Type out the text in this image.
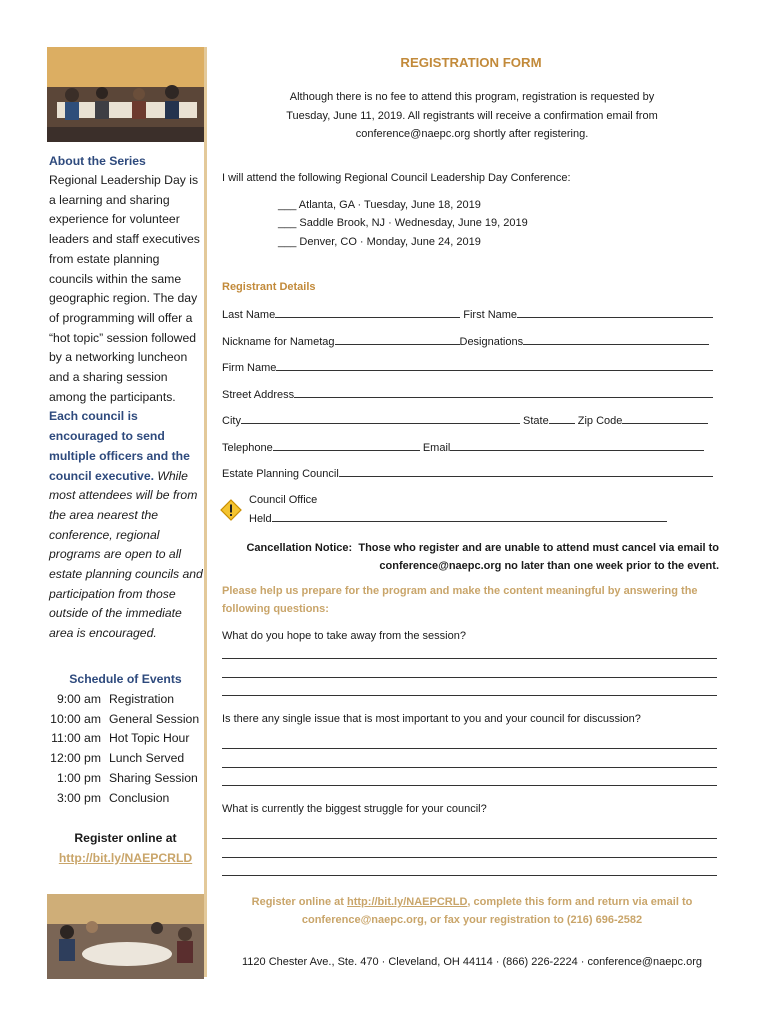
About the Series
Regional Leadership Day is a learning and sharing experience for volunteer leaders and staff executives from estate planning councils within the same geographic region. The day of programming will offer a “hot topic” session followed by a networking luncheon and a sharing session among the participants. Each council is encouraged to send multiple officers and the council executive. While most attendees will be from the area nearest the conference, regional programs are open to all estate planning councils and participation from those outside of the immediate area is encouraged.
Schedule of Events
9:00 am Registration
10:00 am General Session
11:00 am Hot Topic Hour
12:00 pm Lunch Served
1:00 pm Sharing Session
3:00 pm Conclusion
Register online at
http://bit.ly/NAEPCRLD
REGISTRATION FORM
Although there is no fee to attend this program, registration is requested by
Tuesday, June 11, 2019. All registrants will receive a confirmation email from
conference@naepc.org shortly after registering.
I will attend the following Regional Council Leadership Day Conference:
___ Atlanta, GA · Tuesday, June 18, 2019
___ Saddle Brook, NJ · Wednesday, June 19, 2019
___ Denver, CO · Monday, June 24, 2019
Registrant Details
Last Name	First Name
Nickname for Nametag	Designations
Firm Name
Street Address
City	State	Zip Code
Telephone	Email
Estate Planning Council
Council Office
Held
Cancellation Notice: Those who register and are unable to attend must cancel via email to
conference@naepc.org no later than one week prior to the event.
Please help us prepare for the program and make the content meaningful by answering the
following questions:
What do you hope to take away from the session?
Is there any single issue that is most important to you and your council for discussion?
What is currently the biggest struggle for your council?
Register online at http://bit.ly/NAEPCRLD, complete this form and return via email to
conference@naepc.org, or fax your registration to (216) 696-2582
1120 Chester Ave., Ste. 470 · Cleveland, OH 44114 · (866) 226-2224 · conference@naepc.org
